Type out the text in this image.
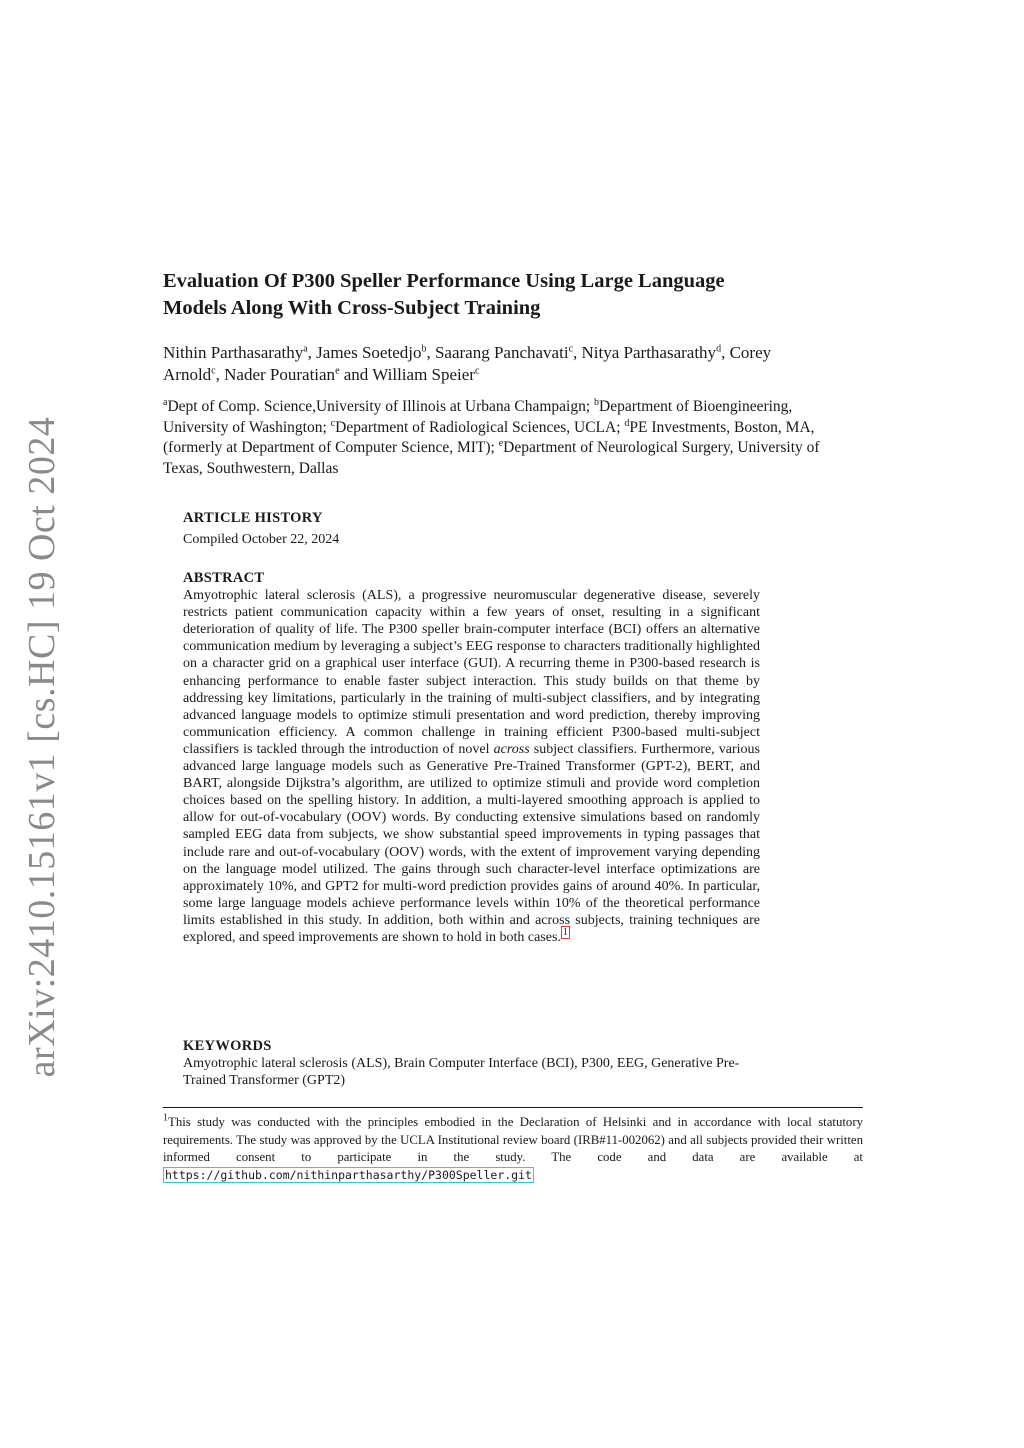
arXiv:2410.15161v1 [cs.HC] 19 Oct 2024
Evaluation Of P300 Speller Performance Using Large Language
Models Along With Cross-Subject Training
Nithin Parthasarathy$^a$, James Soetedjo$^b$, Saarang Panchavati$^c$, Nitya Parthasarathy$^d$, Corey Arnold$^c$, Nader Pouratian$^e$ and William Speier$^c$
$^a$Dept of Comp. Science,University of Illinois at Urbana Champaign; $^b$Department of Bioengineering, University of Washington; $^c$Department of Radiological Sciences, UCLA; $^d$PE Investments, Boston, MA, (formerly at Department of Computer Science, MIT); $^e$Department of Neurological Surgery, University of Texas, Southwestern, Dallas
ARTICLE HISTORY
Compiled October 22, 2024
ABSTRACT

Amyotrophic lateral sclerosis (ALS), a progressive neuromuscular degenerative disease, severely restricts patient communication capacity within a few years of onset, resulting in a significant deterioration of quality of life. The P300 speller brain-computer interface (BCI) offers an alternative communication medium by leveraging a subject’s EEG response to characters traditionally highlighted on a character grid on a graphical user interface (GUI). A recurring theme in P300-based research is enhancing performance to enable faster subject interaction. This study builds on that theme by addressing key limitations, particularly in the training of multi-subject classifiers, and by integrating advanced language models to optimize stimuli presentation and word prediction, thereby improving communication efficiency. A common challenge in training efficient P300-based multi-subject classifiers is tackled through the introduction of novel across subject classifiers. Furthermore, various advanced large language models such as Generative Pre-Trained Transformer (GPT-2), BERT, and BART, alongside Dijkstra’s algorithm, are utilized to optimize stimuli and provide word completion choices based on the spelling history. In addition, a multi-layered smoothing approach is applied to allow for out-of-vocabulary (OOV) words. By conducting extensive simulations based on randomly sampled EEG data from subjects, we show substantial speed improvements in typing passages that include rare and out-of-vocabulary (OOV) words, with the extent of improvement varying depending on the language model utilized. The gains through such character-level interface optimizations are approximately 10%, and GPT2 for multi-word prediction provides gains of around 40%. In particular, some large language models achieve performance levels within 10% of the theoretical performance limits established in this study. In addition, both within and across subjects, training techniques are explored, and speed improvements are shown to hold in both cases. $^1$

KEYWORDS
Amyotrophic lateral sclerosis (ALS), Brain Computer Interface (BCI), P300, EEG, Generative Pre-Trained Transformer (GPT2)
$^1$This study was conducted with the principles embodied in the Declaration of Helsinki and in accordance with local statutory requirements. The study was approved by the UCLA Institutional review board (IRB#11-002062) and all subjects provided their written informed consent to participate in the study. The code and data are available at https://github.com/nithinparthasarthy/P300Speller.git
